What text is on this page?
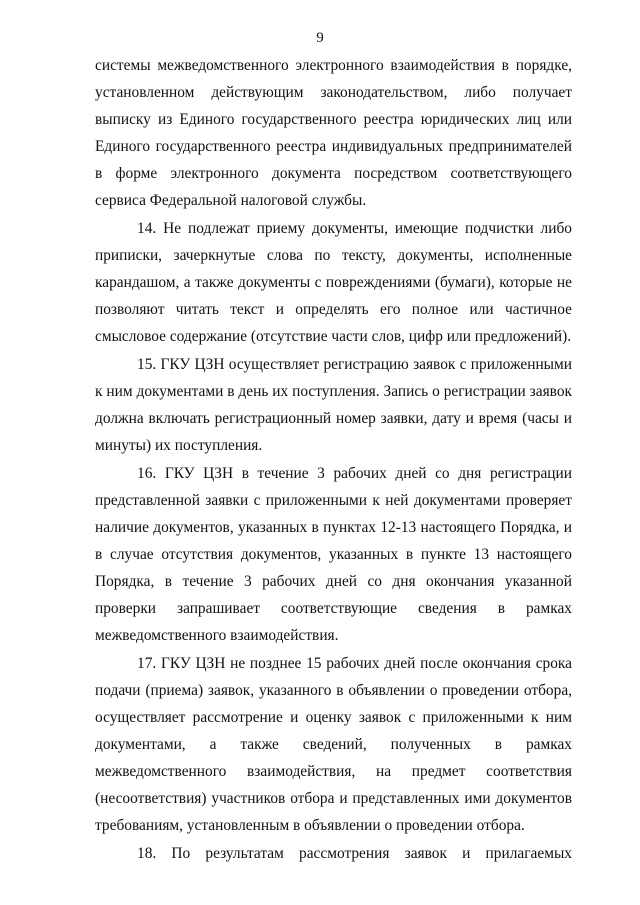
9

системы межведомственного электронного взаимодействия в порядке, установленном действующим законодательством, либо получает выписку из Единого государственного реестра юридических лиц или Единого государственного реестра индивидуальных предпринимателей в форме электронного документа посредством соответствующего сервиса Федеральной налоговой службы.

14. Не подлежат приему документы, имеющие подчистки либо приписки, зачеркнутые слова по тексту, документы, исполненные карандашом, а также документы с повреждениями (бумаги), которые не позволяют читать текст и определять его полное или частичное смысловое содержание (отсутствие части слов, цифр или предложений).

15. ГКУ ЦЗН осуществляет регистрацию заявок с приложенными к ним документами в день их поступления. Запись о регистрации заявок должна включать регистрационный номер заявки, дату и время (часы и минуты) их поступления.

16. ГКУ ЦЗН в течение 3 рабочих дней со дня регистрации представленной заявки с приложенными к ней документами проверяет наличие документов, указанных в пунктах 12-13 настоящего Порядка, и в случае отсутствия документов, указанных в пункте 13 настоящего Порядка, в течение 3 рабочих дней со дня окончания указанной проверки запрашивает соответствующие сведения в рамках межведомственного взаимодействия.

17. ГКУ ЦЗН не позднее 15 рабочих дней после окончания срока подачи (приема) заявок, указанного в объявлении о проведении отбора, осуществляет рассмотрение и оценку заявок с приложенными к ним документами, а также сведений, полученных в рамках межведомственного взаимодействия, на предмет соответствия (несоответствия) участников отбора и представленных ими документов требованиям, установленным в объявлении о проведении отбора.

18. По результатам рассмотрения заявок и прилагаемых
